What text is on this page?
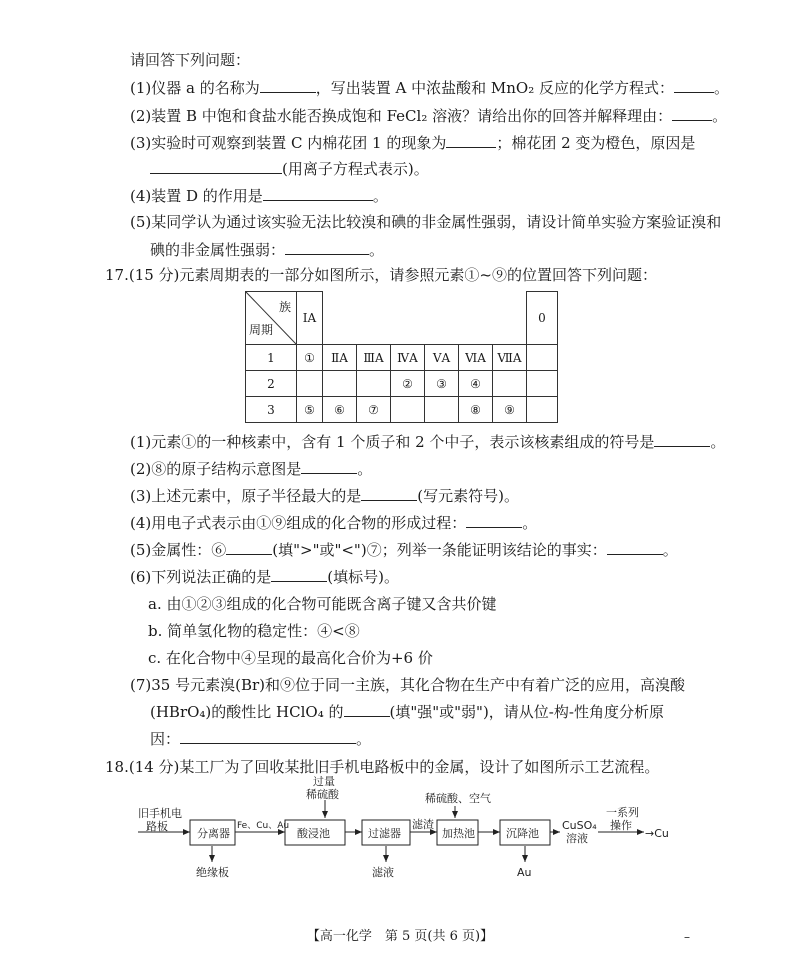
请回答下列问题：
(1)仪器 a 的名称为	，写出装置 A 中浓盐酸和 MnO₂ 反应的化学方程式：	。
(2)装置 B 中饱和食盐水能否换成饱和 FeCl₂ 溶液？请给出你的回答并解释理由：	。
(3)实验时可观察到装置 C 内棉花团 1 的现象为	；棉花团 2 变为橙色，原因是
(用离子方程式表示)。
(4)装置 D 的作用是	。
(5)某同学认为通过该实验无法比较溴和碘的非金属性强弱，请设计简单实验方案验证溴和
碘的非金属性强弱：	。
17.(15 分)元素周期表的一部分如图所示，请参照元素①~⑨的位置回答下列问题：
族
周期	ⅠA							0

1	①	ⅡA	ⅢA	ⅣA	ⅤA	ⅥA	ⅦA	
2				②	③	④		
3	⑤	⑥	⑦			⑧	⑨	
(1)元素①的一种核素中，含有 1 个质子和 2 个中子，表示该核素组成的符号是	。
(2)⑧的原子结构示意图是	。
(3)上述元素中，原子半径最大的是	(写元素符号)。
(4)用电子式表示由①⑨组成的化合物的形成过程：	。
(5)金属性：⑥	(填">"或"<")⑦；列举一条能证明该结论的事实：	。
(6)下列说法正确的是	(填标号)。
a. 由①②③组成的化合物可能既含离子键又含共价键
b. 简单氢化物的稳定性：④<⑧
c. 在化合物中④呈现的最高化合价为+6 价
(7)35 号元素溴(Br)和⑨位于同一主族，其化合物在生产中有着广泛的应用，高溴酸
(HBrO₄)的酸性比 HClO₄ 的	(填"强"或"弱")，请从位-构-性角度分析原
因：	。
18.(14 分)某工厂为了回收某批旧手机电路板中的金属，设计了如图所示工艺流程。
旧手机电
路板
分离器
Fe、Cu、Au
过量
稀硫酸
酸浸池	过滤器
滤渣
稀硫酸、空气
加热池	沉降池
CuSO₄
溶液
一系列
操作
→Cu
绝缘板	滤液	Au
【高一化学　第 5 页(共 6 页)】	–
